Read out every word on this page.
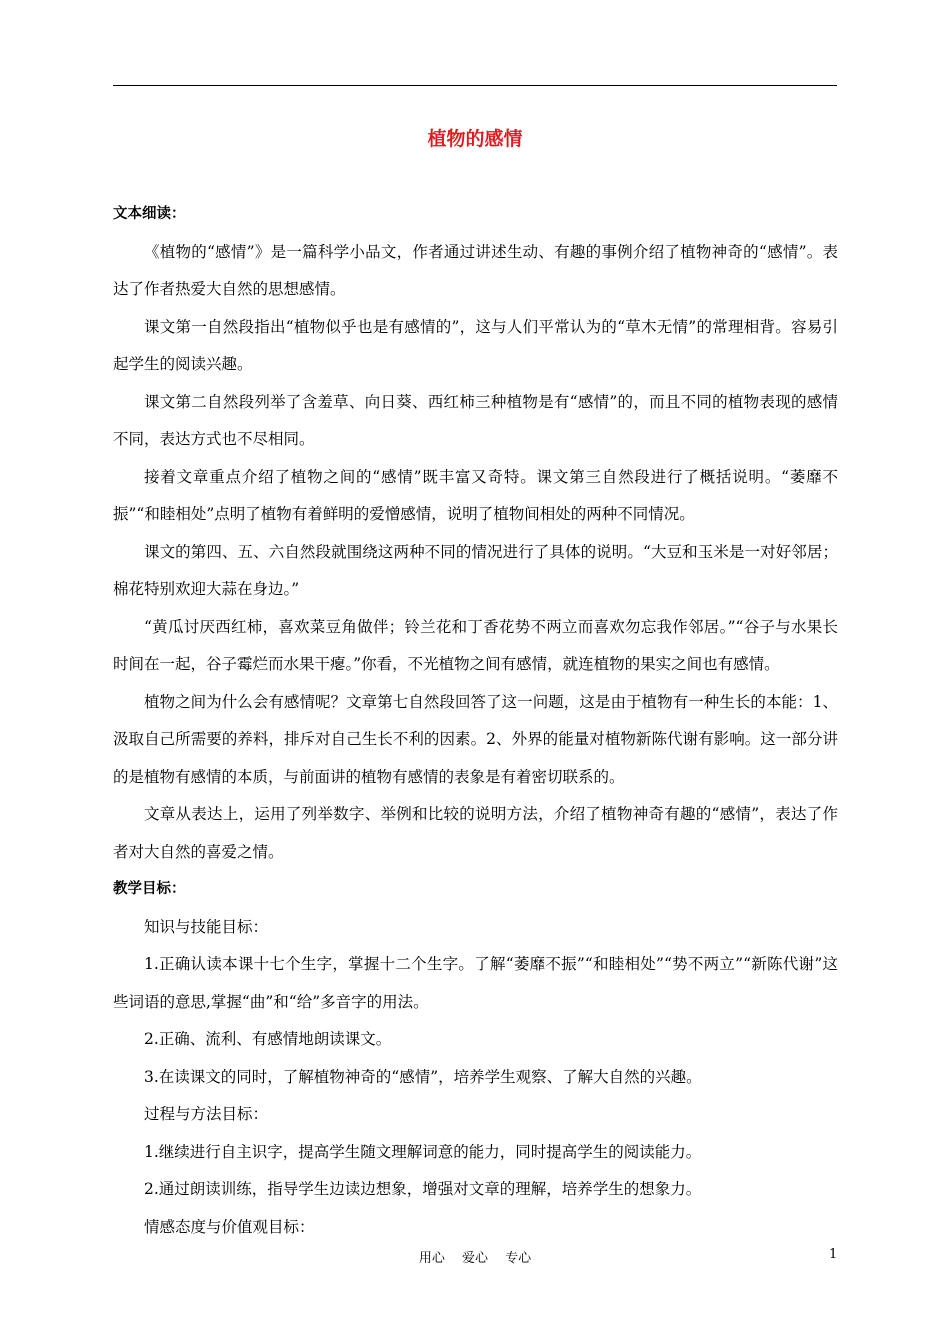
植物的感情

文本细读：

《植物的“感情”》是一篇科学小品文，作者通过讲述生动、有趣的事例介绍了植物神奇的“感情”。表达了作者热爱大自然的思想感情。

课文第一自然段指出“植物似乎也是有感情的”，这与人们平常认为的“草木无情”的常理相背。容易引起学生的阅读兴趣。

课文第二自然段列举了含羞草、向日葵、西红柿三种植物是有“感情”的，而且不同的植物表现的感情不同，表达方式也不尽相同。

接着文章重点介绍了植物之间的“感情”既丰富又奇特。课文第三自然段进行了概括说明。“萎靡不振”“和睦相处”点明了植物有着鲜明的爱憎感情，说明了植物间相处的两种不同情况。

课文的第四、五、六自然段就围绕这两种不同的情况进行了具体的说明。“大豆和玉米是一对好邻居；棉花特别欢迎大蒜在身边。”

“黄瓜讨厌西红柿，喜欢菜豆角做伴；铃兰花和丁香花势不两立而喜欢勿忘我作邻居。”“谷子与水果长时间在一起，谷子霉烂而水果干瘪。”你看，不光植物之间有感情，就连植物的果实之间也有感情。

植物之间为什么会有感情呢？文章第七自然段回答了这一问题，这是由于植物有一种生长的本能：1、汲取自己所需要的养料，排斥对自己生长不利的因素。2、外界的能量对植物新陈代谢有影响。这一部分讲的是植物有感情的本质，与前面讲的植物有感情的表象是有着密切联系的。

文章从表达上，运用了列举数字、举例和比较的说明方法，介绍了植物神奇有趣的“感情”，表达了作者对大自然的喜爱之情。

教学目标：

知识与技能目标：

1.正确认读本课十七个生字，掌握十二个生字。了解“萎靡不振”“和睦相处”“势不两立”“新陈代谢”这些词语的意思,掌握“曲”和“给”多音字的用法。

2.正确、流利、有感情地朗读课文。

3.在读课文的同时，了解植物神奇的“感情”，培养学生观察、了解大自然的兴趣。

过程与方法目标：

1.继续进行自主识字，提高学生随文理解词意的能力，同时提高学生的阅读能力。

2.通过朗读训练，指导学生边读边想象，增强对文章的理解，培养学生的想象力。

情感态度与价值观目标：

用心　 爱心　 专心	1
